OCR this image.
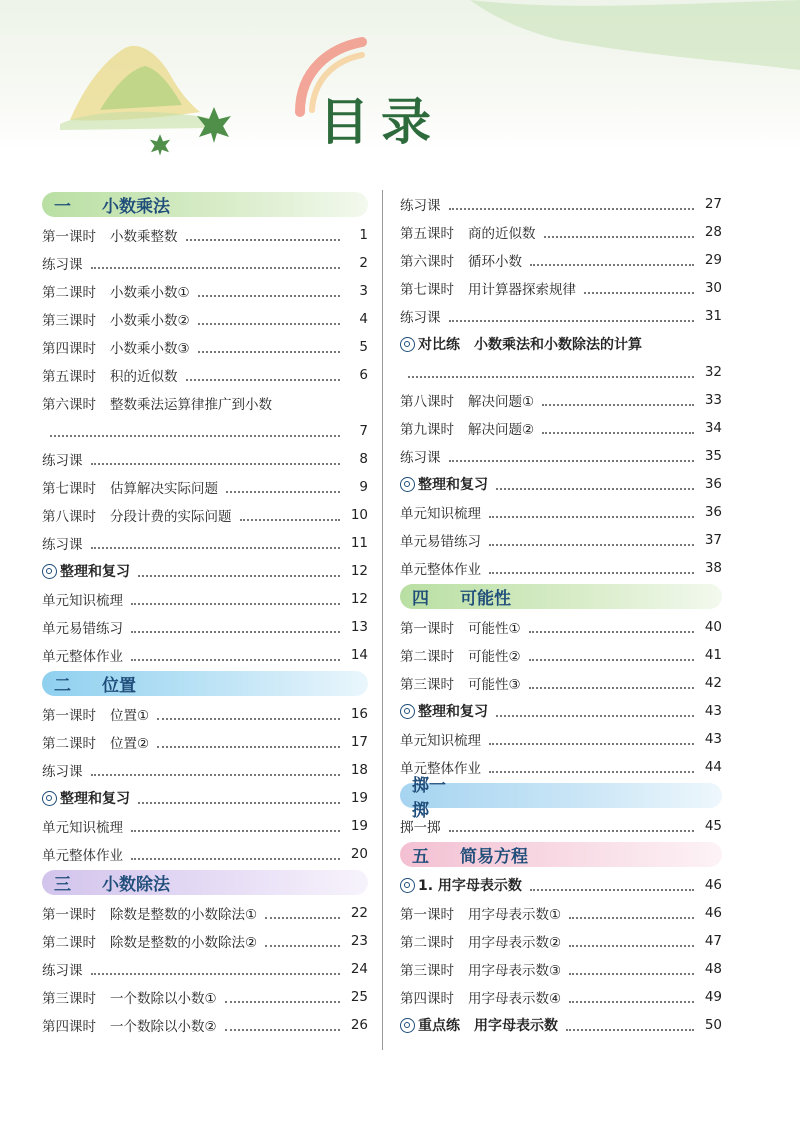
目录
一	小数乘法
第一课时 小数乘整数	1
练习课	2
第二课时 小数乘小数①	3
第三课时 小数乘小数②	4
第四课时 小数乘小数③	5
第五课时 积的近似数	6
第六课时 整数乘法运算律推广到小数
7
练习课	8
第七课时 估算解决实际问题	9
第八课时 分段计费的实际问题	10
练习课	11
整理和复习	12
单元知识梳理	12
单元易错练习	13
单元整体作业	14
二	位置
第一课时 位置①	16
第二课时 位置②	17
练习课	18
整理和复习	19
单元知识梳理	19
单元整体作业	20
三	小数除法
第一课时 除数是整数的小数除法①	22
第二课时 除数是整数的小数除法②	23
练习课	24
第三课时 一个数除以小数①	25
第四课时 一个数除以小数②	26
练习课	27
第五课时 商的近似数	28
第六课时 循环小数	29
第七课时 用计算器探索规律	30
练习课	31
对比练 小数乘法和小数除法的计算
32
第八课时 解决问题①	33
第九课时 解决问题②	34
练习课	35
整理和复习	36
单元知识梳理	36
单元易错练习	37
单元整体作业	38
四	可能性
第一课时 可能性①	40
第二课时 可能性②	41
第三课时 可能性③	42
整理和复习	43
单元知识梳理	43
单元整体作业	44
掷一掷
掷一掷	45
五	简易方程
1. 用字母表示数	46
第一课时 用字母表示数①	46
第二课时 用字母表示数②	47
第三课时 用字母表示数③	48
第四课时 用字母表示数④	49
重点练 用字母表示数	50
